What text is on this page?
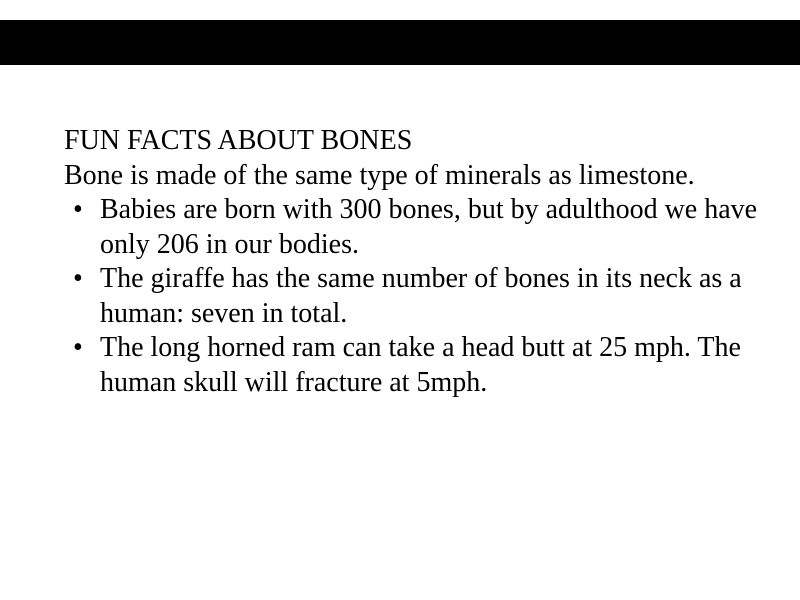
FUN FACTS ABOUT BONES

Bone is made of the same type of minerals as limestone.

• Babies are born with 300 bones, but by adulthood we have only 206 in our bodies.
• The giraffe has the same number of bones in its neck as a human: seven in total.
• The long horned ram can take a head butt at 25 mph. The human skull will fracture at 5mph.
